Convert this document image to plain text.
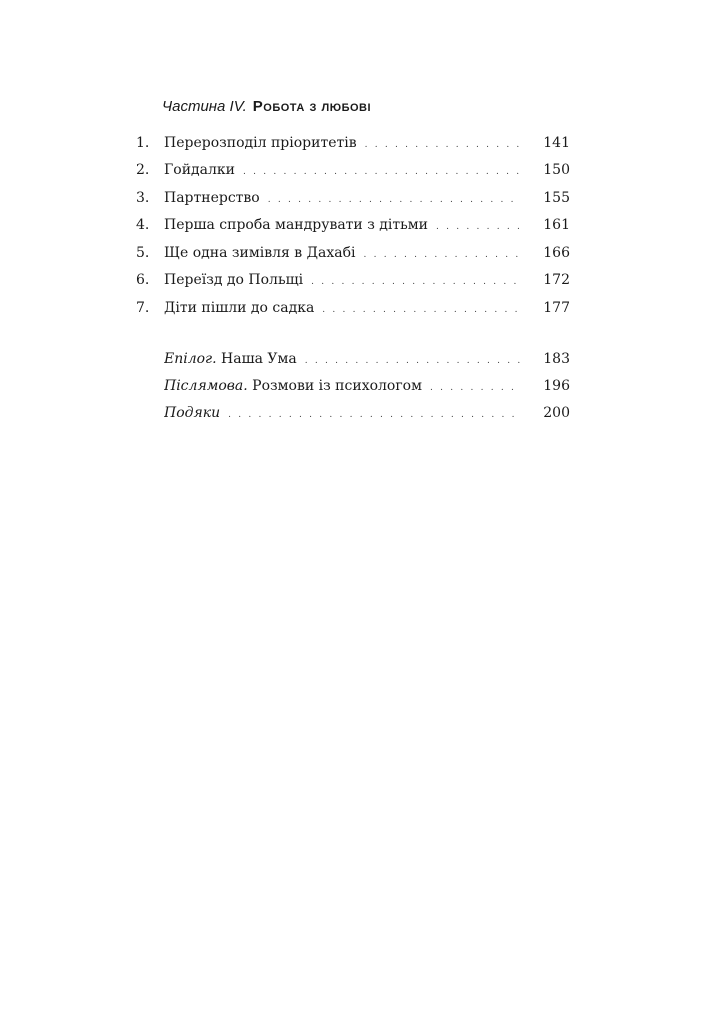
Частина IV. Робота з любові
1.	Перерозподіл пріоритетів . . .	141
2.	Гойдалки . . .	150
3.	Партнерство . . .	155
4.	Перша спроба мандрувати з дітьми . . .	161
5.	Ще одна зимівля в Дахабі . . .	166
6.	Переїзд до Польщі . . .	172
7.	Діти пішли до садка . . .	177
Епілог. Наша Ума . . .	183
Післямова. Розмови із психологом . . .	196
Подяки . . .	200
